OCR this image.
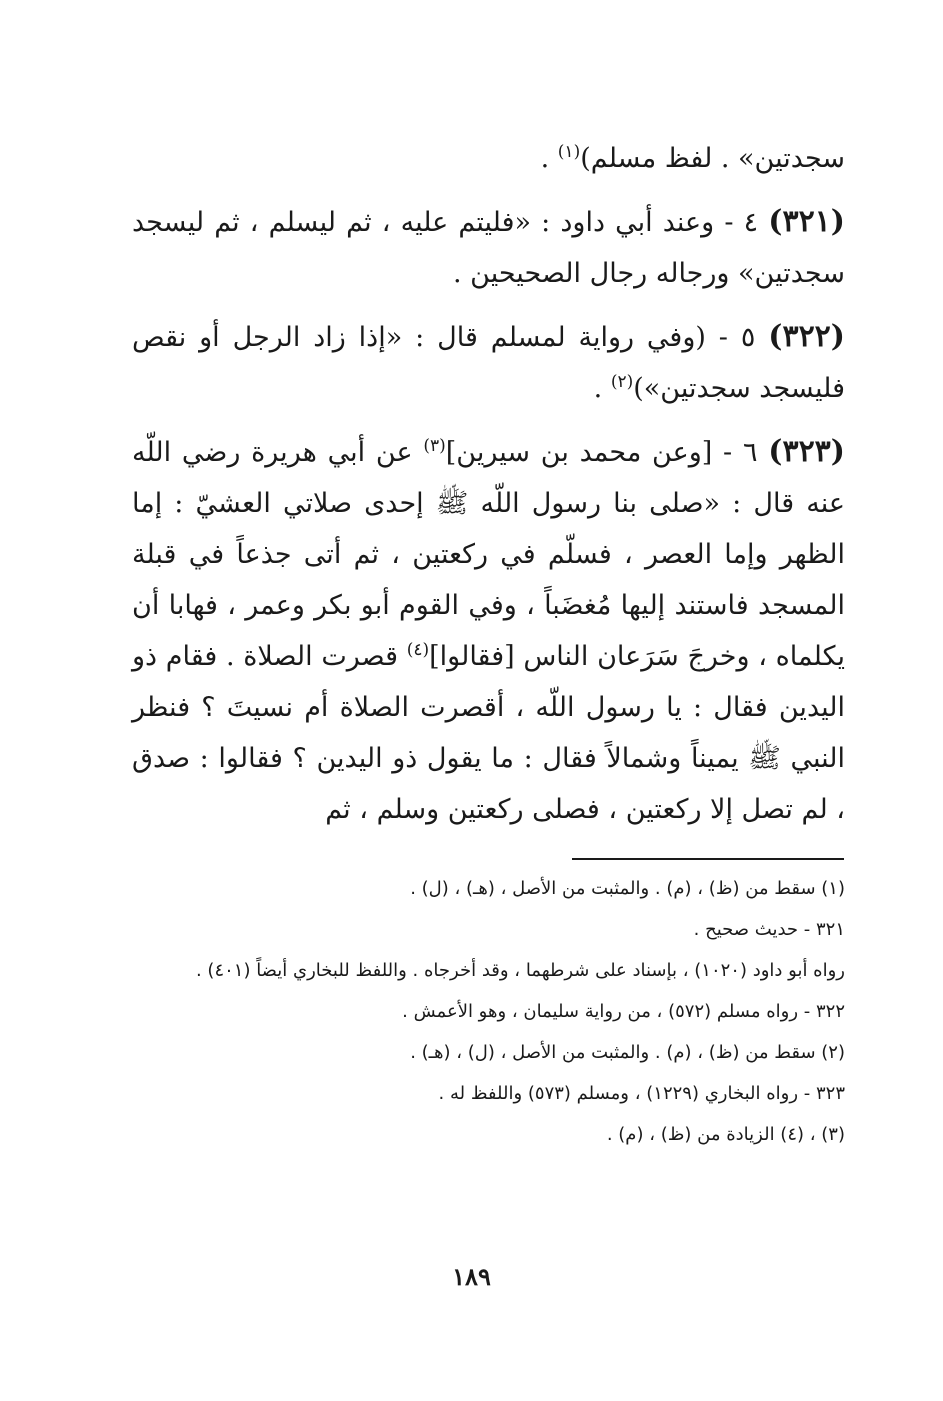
سجدتين» . لفظ مسلم)$^{(١)}$ .

(٣٢١) ٤ - وعند أبي داود : «فليتم عليه ، ثم ليسلم ، ثم ليسجد سجدتين» ورجاله رجال الصحيحين .

(٣٢٢) ٥ - (وفي رواية لمسلم قال : «إذا زاد الرجل أو نقص فليسجد سجدتين»)$^{(٢)}$ .

(٣٢٣) ٦ - [وعن محمد بن سيرين]$^{(٣)}$ عن أبي هريرة رضي اللّه عنه قال : «صلى بنا رسول اللّه ﷺ إحدى صلاتي العشيّ : إما الظهر وإما العصر ، فسلّم في ركعتين ، ثم أتى جذعاً في قبلة المسجد فاستند إليها مُغضَباً ، وفي القوم أبو بكر وعمر ، فهابا أن يكلماه ، وخرجَ سَرَعان الناس [فقالوا]$^{(٤)}$ قصرت الصلاة . فقام ذو اليدين فقال : يا رسول اللّه ، أقصرت الصلاة أم نسيتَ ؟ فنظر النبي ﷺ يميناً وشمالاً فقال : ما يقول ذو اليدين ؟ فقالوا : صدق ، لم تصل إلا ركعتين ، فصلى ركعتين وسلم ، ثم

(١) سقط من (ظ) ، (م) . والمثبت من الأصل ، (هـ) ، (ل) .

٣٢١ - حديث صحيح .

رواه أبو داود (١٠٢٠) ، بإسناد على شرطهما ، وقد أخرجاه . واللفظ للبخاري أيضاً (٤٠١) .

٣٢٢ - رواه مسلم (٥٧٢) ، من رواية سليمان ، وهو الأعمش .

(٢) سقط من (ظ) ، (م) . والمثبت من الأصل ، (ل) ، (هـ) .

٣٢٣ - رواه البخاري (١٢٢٩) ، ومسلم (٥٧٣) واللفظ له .

(٣) ، (٤) الزيادة من (ظ) ، (م) .

١٨٩
